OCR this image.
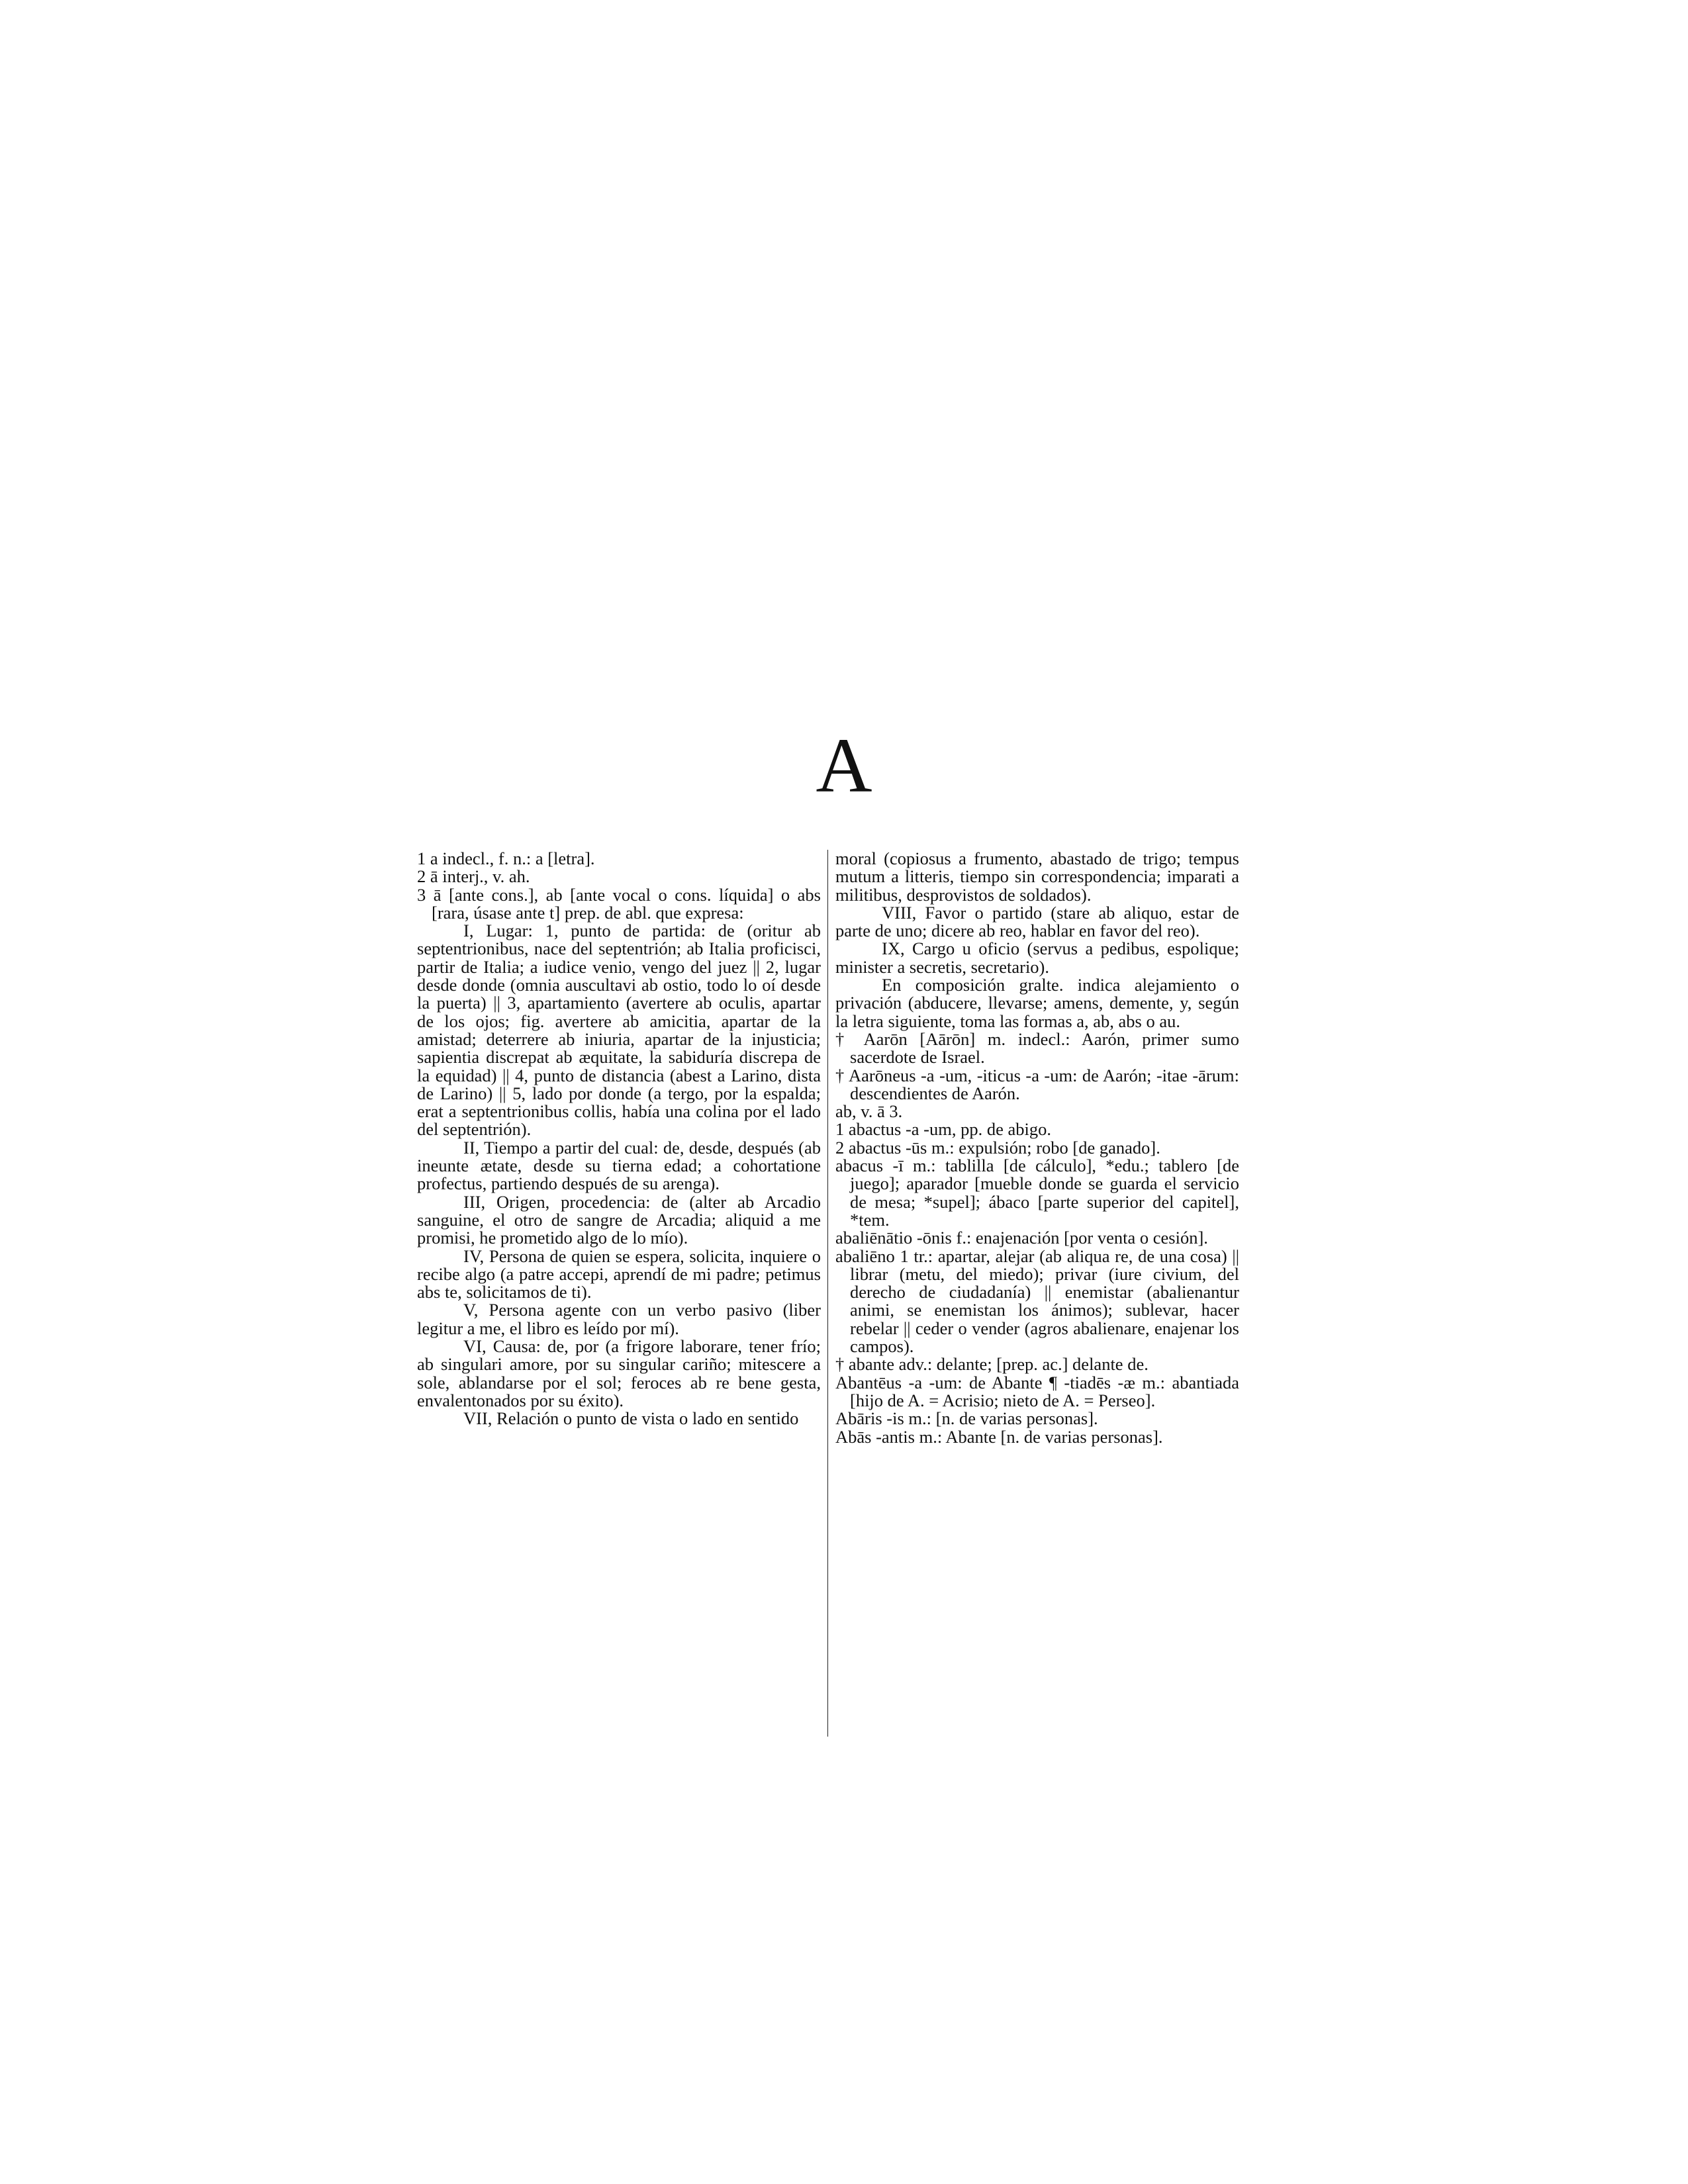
A

1 a indecl., f. n.: a [letra].

2 ā interj., v. ah.

3 ā [ante cons.], ab [ante vocal o cons. líquida] o abs [rara, úsase ante t] prep. de abl. que expresa:

I, Lugar: 1, punto de partida: de (oritur ab septentrionibus, nace del septentrión; ab Italia proficisci, partir de Italia; a iudice venio, vengo del juez || 2, lugar desde donde (omnia auscultavi ab ostio, todo lo oí desde la puerta) || 3, apartamiento (avertere ab oculis, apartar de los ojos; fig. avertere ab amicitia, apartar de la amistad; deterrere ab iniuria, apartar de la injusticia; sapientia discrepat ab æquitate, la sabiduría discrepa de la equidad) || 4, punto de distancia (abest a Larino, dista de Larino) || 5, lado por donde (a tergo, por la espalda; erat a septentrionibus collis, había una colina por el lado del septentrión).

II, Tiempo a partir del cual: de, desde, después (ab ineunte ætate, desde su tierna edad; a cohortatione profectus, partiendo después de su arenga).

III, Origen, procedencia: de (alter ab Arcadio sanguine, el otro de sangre de Arcadia; aliquid a me promisi, he prometido algo de lo mío).

IV, Persona de quien se espera, solicita, inquiere o recibe algo (a patre accepi, aprendí de mi padre; petimus abs te, solicitamos de ti).

V, Persona agente con un verbo pasivo (liber legitur a me, el libro es leído por mí).

VI, Causa: de, por (a frigore laborare, tener frío; ab singulari amore, por su singular cariño; mitescere a sole, ablandarse por el sol; feroces ab re bene gesta, envalentonados por su éxito).

VII, Relación o punto de vista o lado en sentido

moral (copiosus a frumento, abastado de trigo; tempus mutum a litteris, tiempo sin correspondencia; imparati a militibus, desprovistos de soldados).

VIII, Favor o partido (stare ab aliquo, estar de parte de uno; dicere ab reo, hablar en favor del reo).

IX, Cargo u oficio (servus a pedibus, espolique; minister a secretis, secretario).

En composición gralte. indica alejamiento o privación (abducere, llevarse; amens, demente, y, según la letra siguiente, toma las formas a, ab, abs o au.

† Aarōn [Aārōn] m. indecl.: Aarón, primer sumo sacerdote de Israel.

† Aarōneus -a -um, -iticus -a -um: de Aarón; -itae -ārum: descendientes de Aarón.

ab, v. ā 3.

1 abactus -a -um, pp. de abigo.

2 abactus -ūs m.: expulsión; robo [de ganado].

abacus -ī m.: tablilla [de cálculo], *edu.; tablero [de juego]; aparador [mueble donde se guarda el servicio de mesa; *supel]; ábaco [parte superior del capitel], *tem.

abaliēnātio -ōnis f.: enajenación [por venta o cesión].

abaliēno 1 tr.: apartar, alejar (ab aliqua re, de una cosa) || librar (metu, del miedo); privar (iure civium, del derecho de ciudadanía) || enemistar (abalienantur animi, se enemistan los ánimos); sublevar, hacer rebelar || ceder o vender (agros abalienare, enajenar los campos).

† abante adv.: delante; [prep. ac.] delante de.

Abantēus -a -um: de Abante ¶ -tiadēs -æ m.: abantiada [hijo de A. = Acrisio; nieto de A. = Perseo].

Abāris -is m.: [n. de varias personas].

Abās -antis m.: Abante [n. de varias personas].
